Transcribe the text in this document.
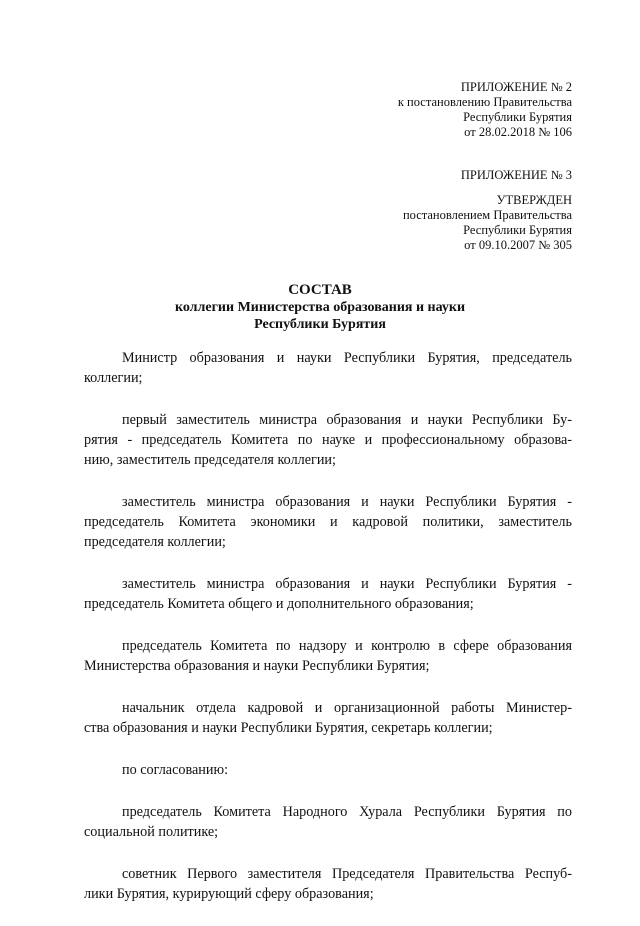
ПРИЛОЖЕНИЕ № 2
к постановлению Правительства
Республики Бурятия
от 28.02.2018 № 106
ПРИЛОЖЕНИЕ № 3
УТВЕРЖДЕН
постановлением Правительства
Республики Бурятия
от 09.10.2007 № 305
СОСТАВ
коллегии Министерства образования и науки
Республики Бурятия
Министр образования и науки Республики Бурятия, председатель
коллегии;
первый заместитель министра образования и науки Республики Бу-
рятия - председатель Комитета по науке и профессиональному образова-
нию, заместитель председателя коллегии;
заместитель министра образования и науки Республики Бурятия -
председатель Комитета экономики и кадровой политики, заместитель
председателя коллегии;
заместитель министра образования и науки Республики Бурятия -
председатель Комитета общего и дополнительного образования;
председатель Комитета по надзору и контролю в сфере образования
Министерства образования и науки Республики Бурятия;
начальник отдела кадровой и организационной работы Министер-
ства образования и науки Республики Бурятия, секретарь коллегии;
по согласованию:
председатель Комитета Народного Хурала Республики Бурятия по
социальной политике;
советник Первого заместителя Председателя Правительства Респуб-
лики Бурятия, курирующий сферу образования;
